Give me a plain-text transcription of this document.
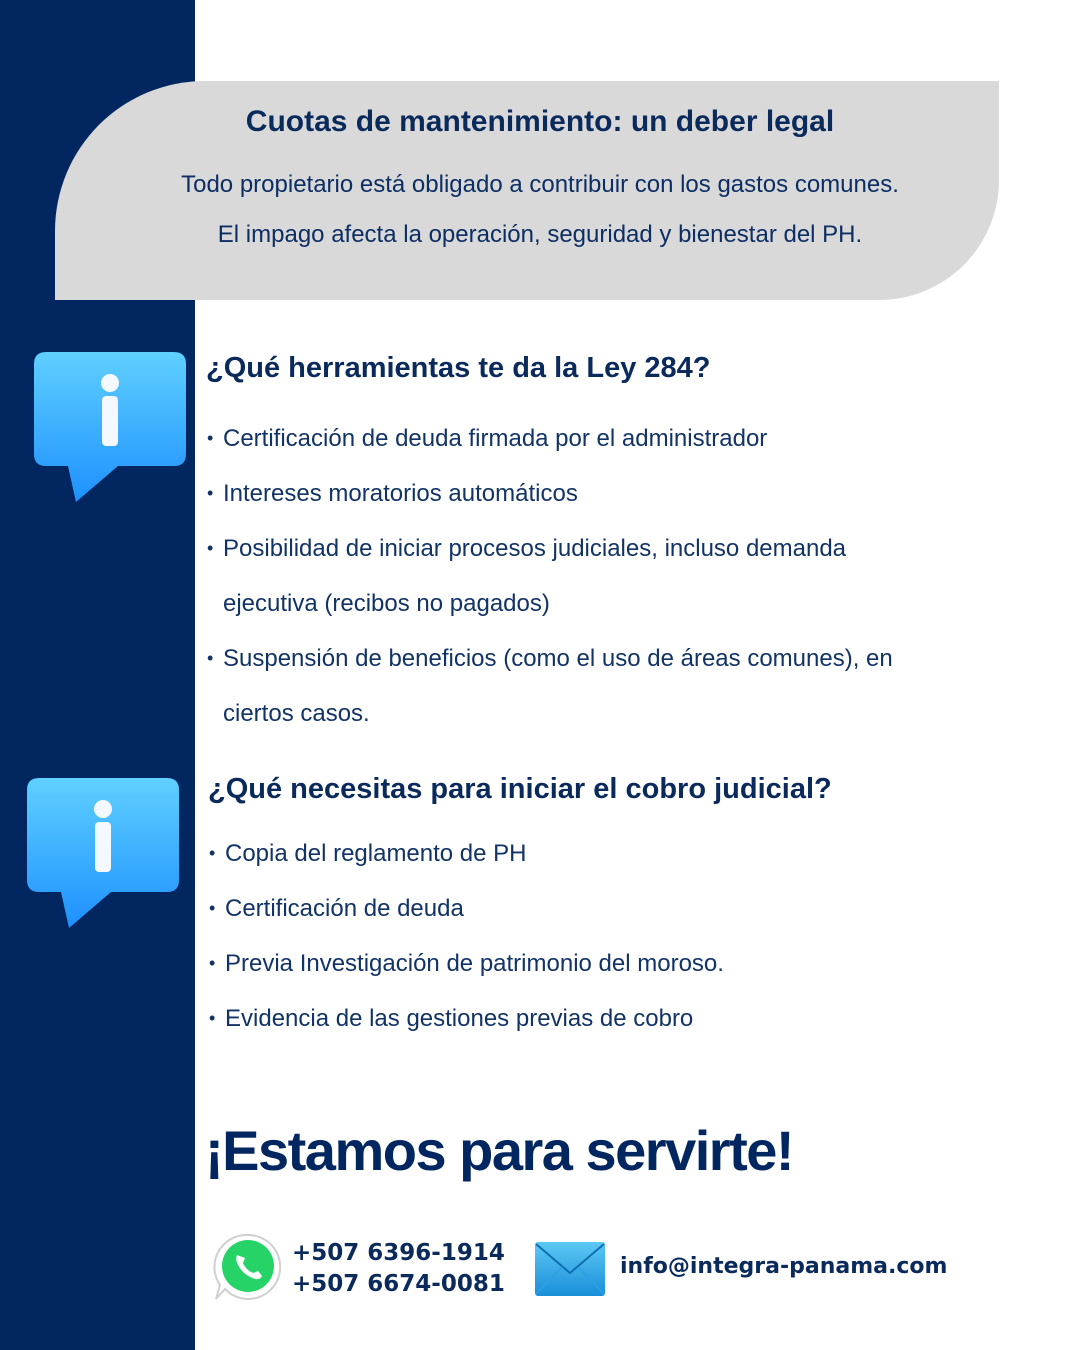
Cuotas de mantenimiento: un deber legal
Todo propietario está obligado a contribuir con los gastos comunes.
El impago afecta la operación, seguridad y bienestar del PH.
¿Qué herramientas te da la Ley 284?
• Certificación de deuda firmada por el administrador
• Intereses moratorios automáticos
• Posibilidad de iniciar procesos judiciales, incluso demanda
ejecutiva (recibos no pagados)
• Suspensión de beneficios (como el uso de áreas comunes), en
ciertos casos.
¿Qué necesitas para iniciar el cobro judicial?
• Copia del reglamento de PH
• Certificación de deuda
• Previa Investigación de patrimonio del moroso.
• Evidencia de las gestiones previas de cobro
¡Estamos para servirte!
+507 6396-1914
+507 6674-0081
info@integra-panama.com
